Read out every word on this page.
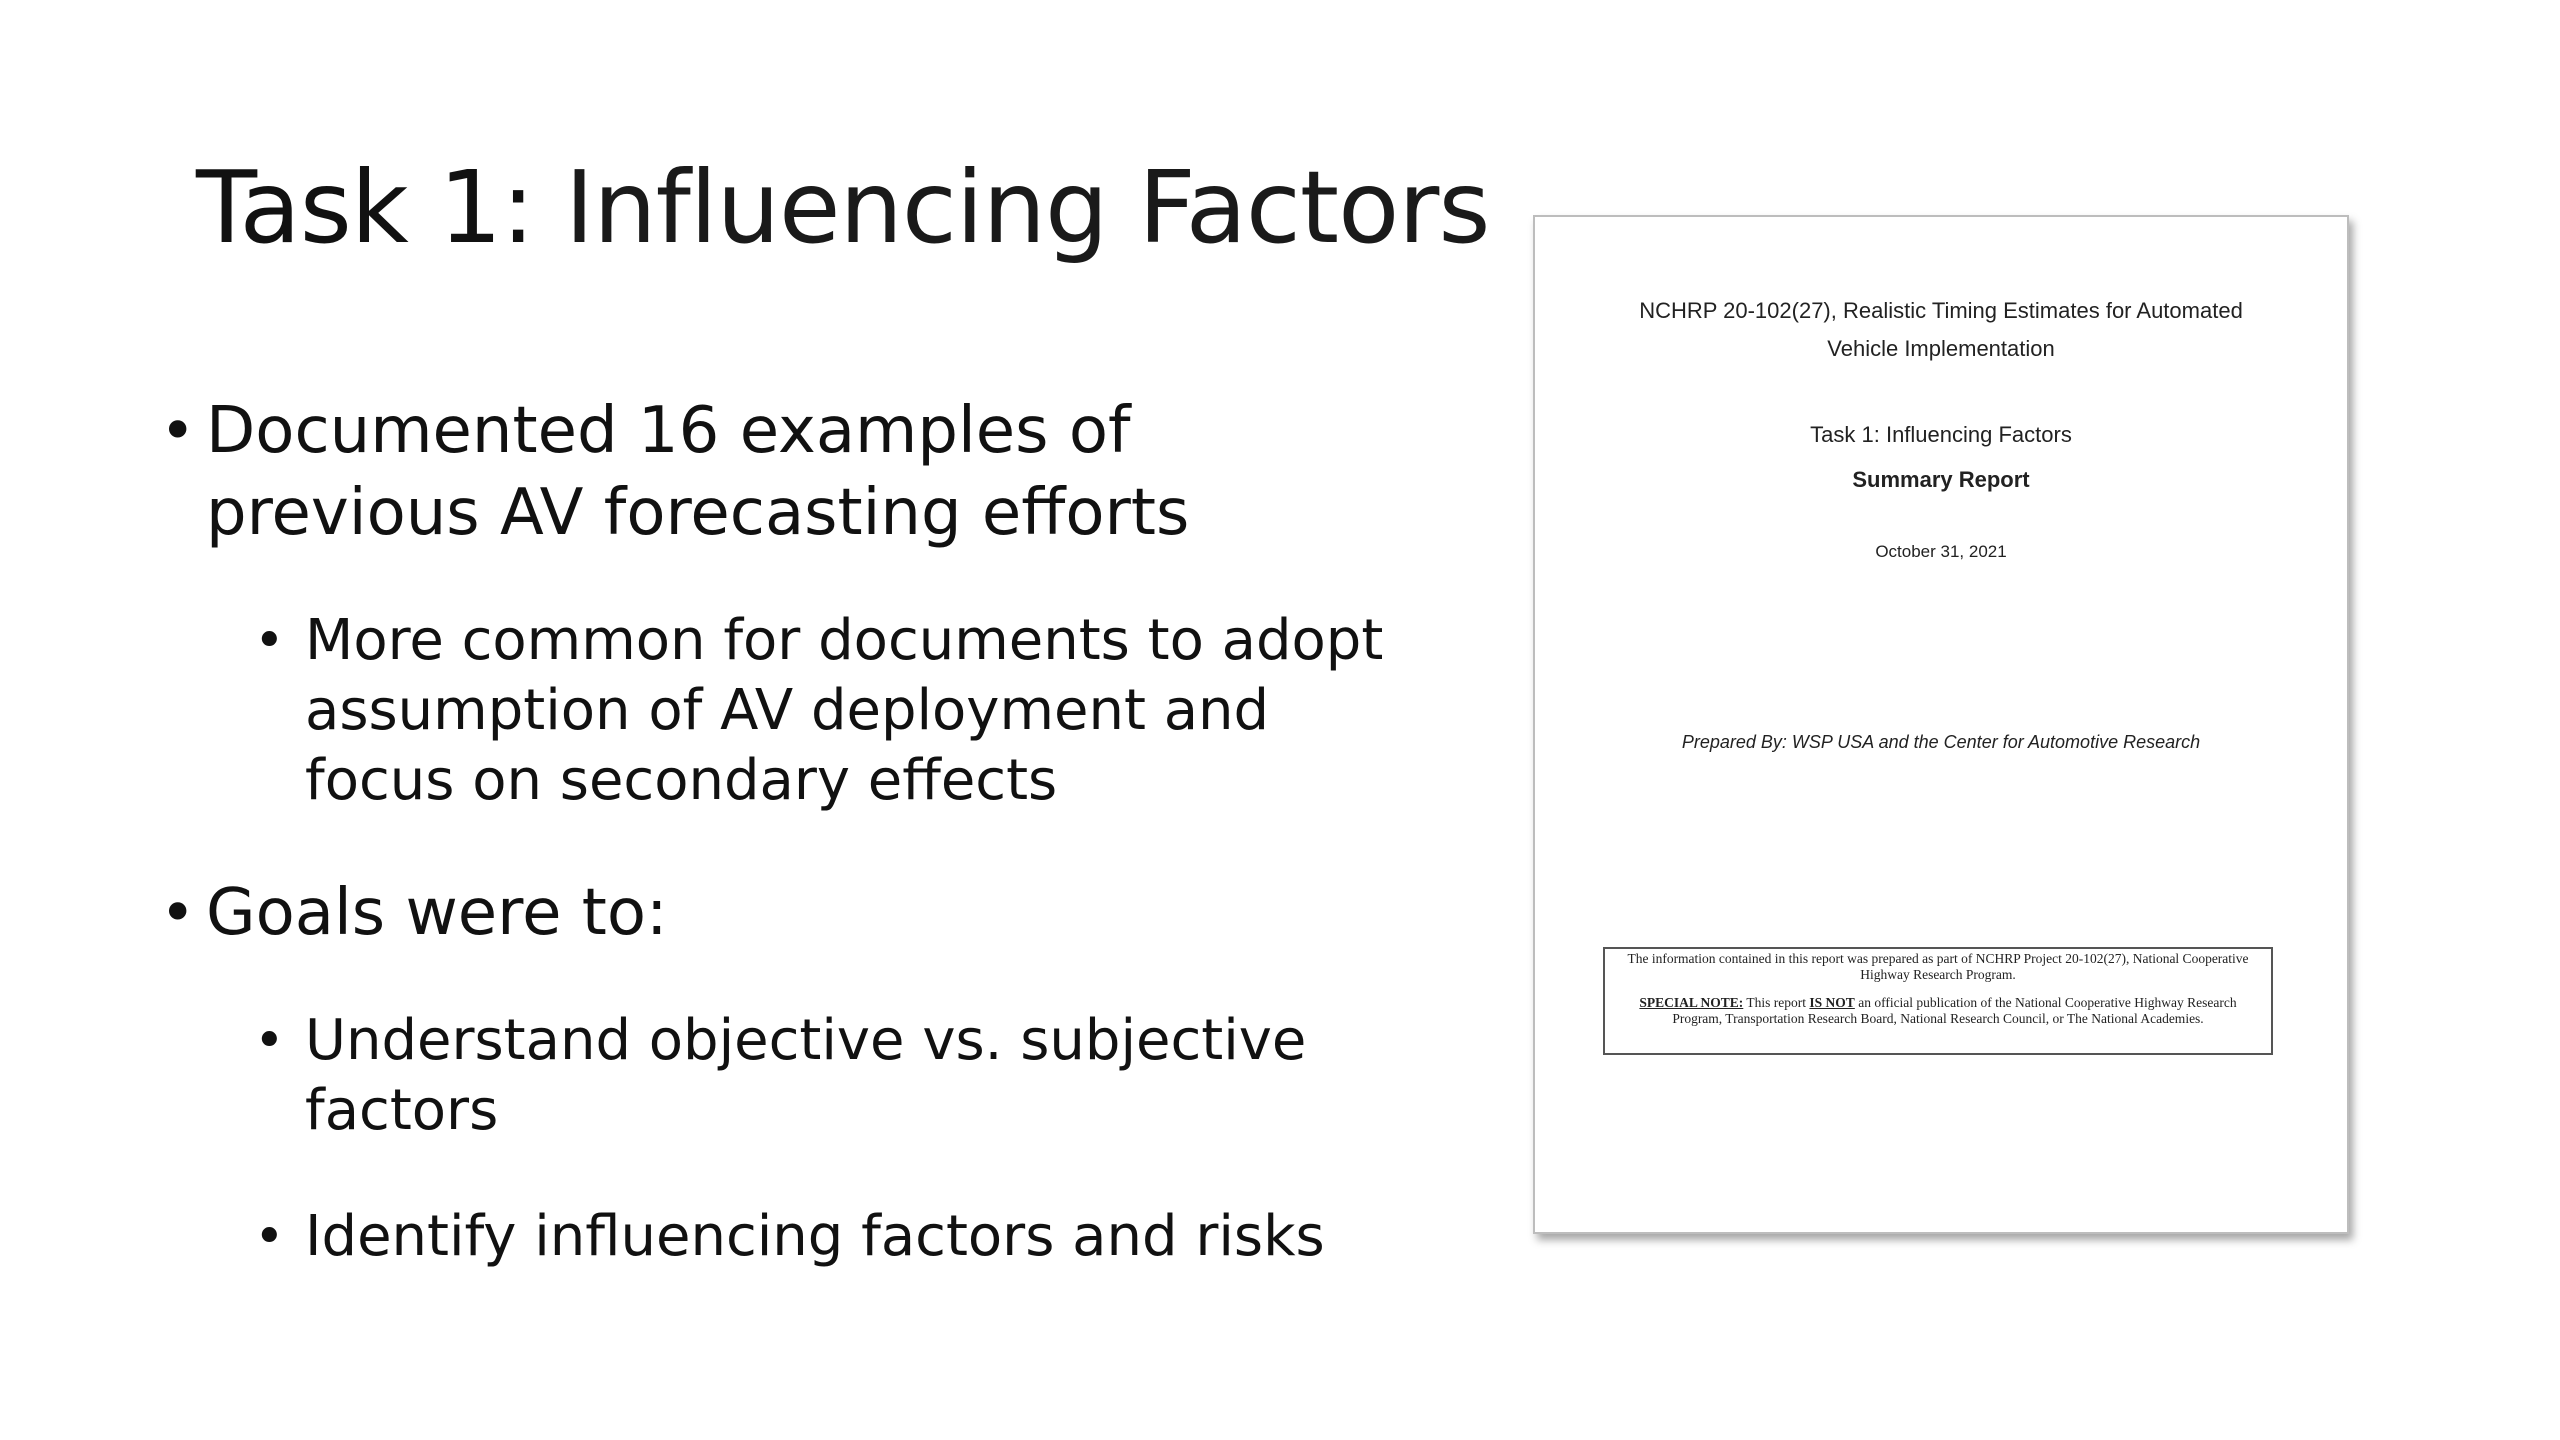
Task 1: Influencing Factors
• Documented 16 examples of previous AV forecasting efforts
• More common for documents to adopt assumption of AV deployment and focus on secondary effects
• Goals were to:
• Understand objective vs. subjective factors
• Identify influencing factors and risks
NCHRP 20-102(27), Realistic Timing Estimates for Automated Vehicle Implementation
Task 1: Influencing Factors
Summary Report
October 31, 2021
Prepared By: WSP USA and the Center for Automotive Research

The information contained in this report was prepared as part of NCHRP Project 20-102(27), National Cooperative Highway Research Program.

SPECIAL NOTE: This report IS NOT an official publication of the National Cooperative Highway Research Program, Transportation Research Board, National Research Council, or The National Academies.
